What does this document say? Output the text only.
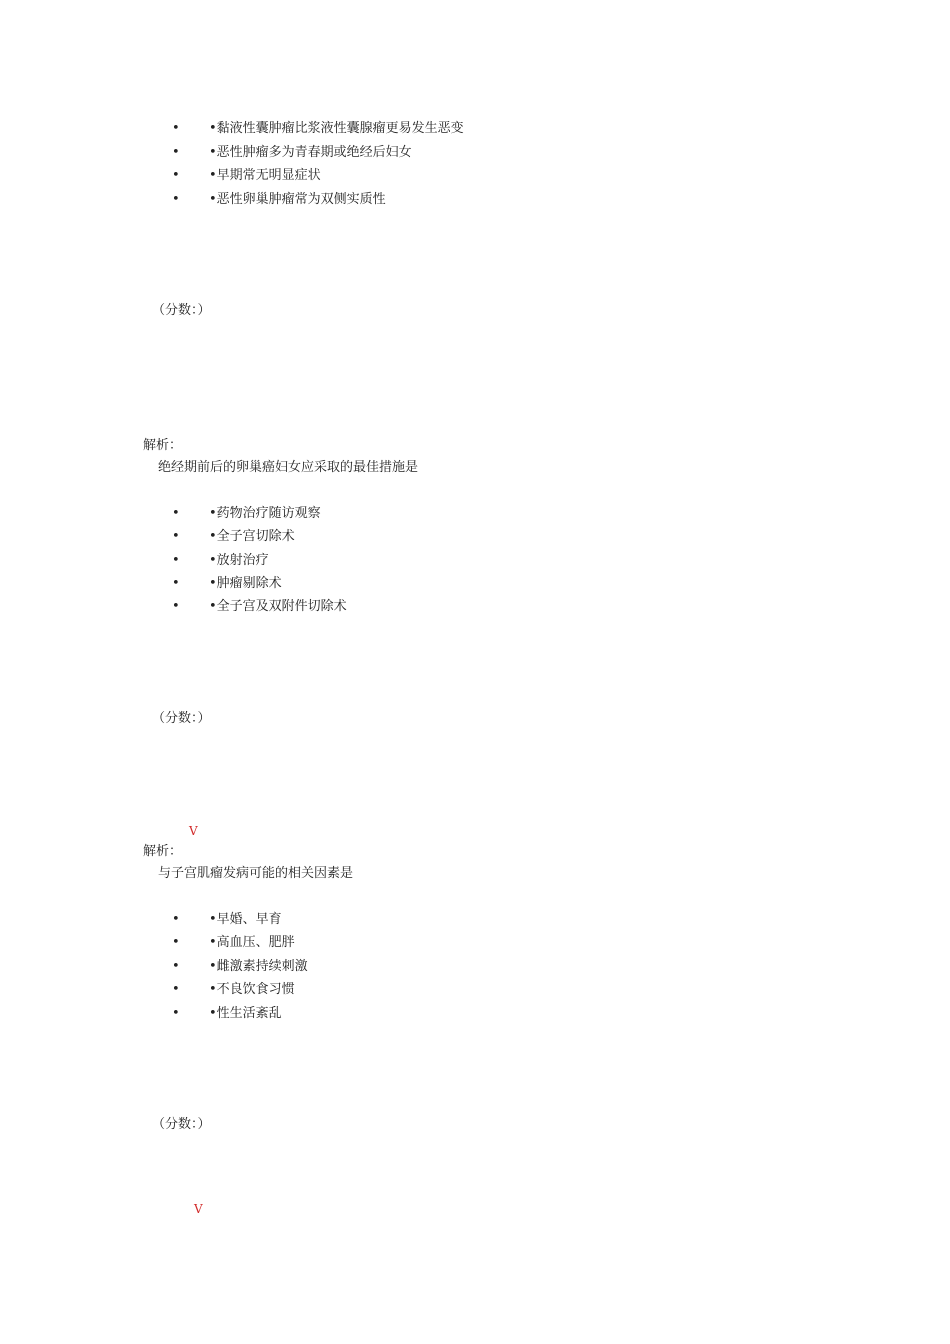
• •黏液性囊肿瘤比浆液性囊腺瘤更易发生恶变
• •恶性肿瘤多为青春期或绝经后妇女
• •早期常无明显症状
• •恶性卵巢肿瘤常为双侧实质性
（分数：）
解析：
绝经期前后的卵巢癌妇女应采取的最佳措施是
• •药物治疗随访观察
• •全子宫切除术
• •放射治疗
• •肿瘤剔除术
• •全子宫及双附件切除术
（分数：）
V
解析：
与子宫肌瘤发病可能的相关因素是
• •早婚、早育
• •高血压、肥胖
• •雌激素持续刺激
• •不良饮食习惯
• •性生活紊乱
（分数：）
V
